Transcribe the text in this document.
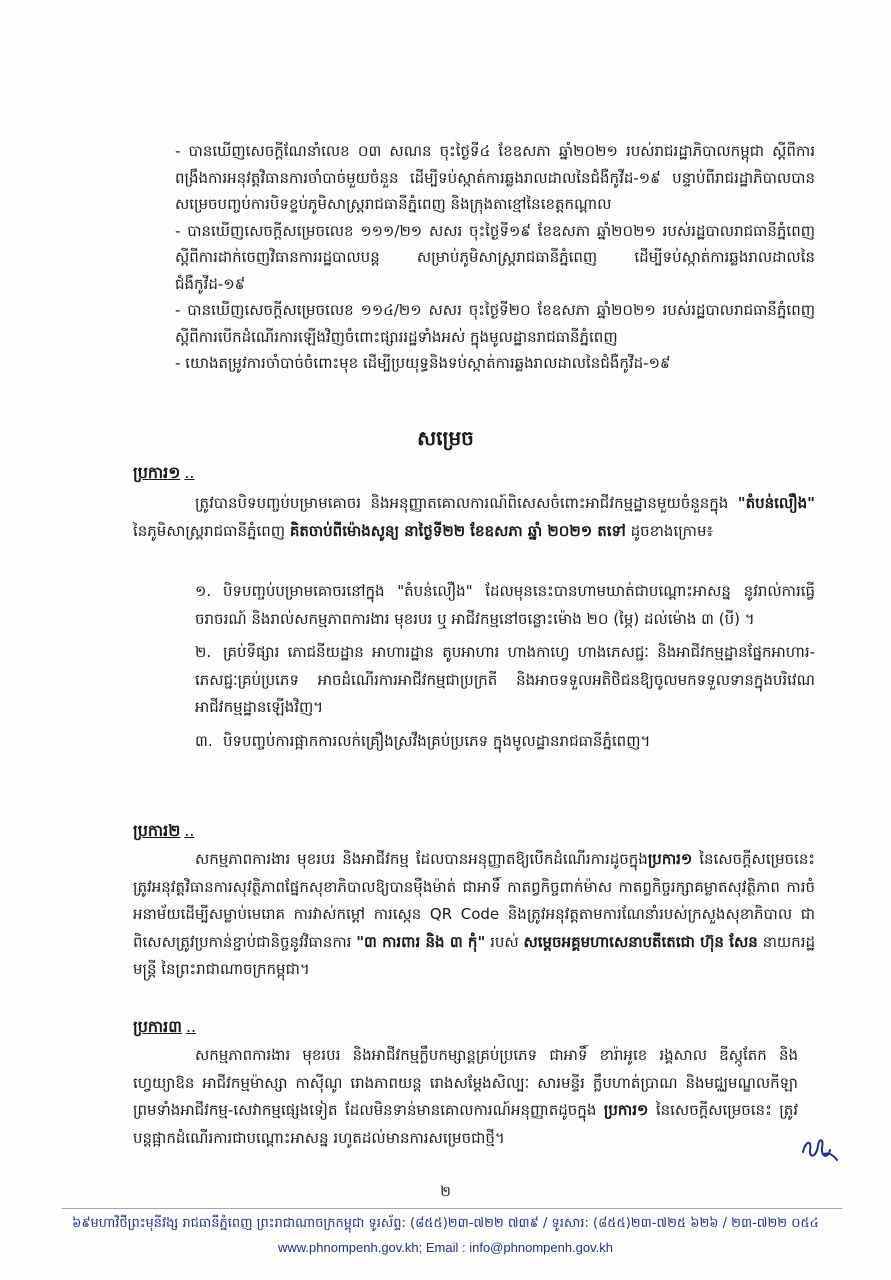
- បានឃើញសេចក្ដីណែនាំលេខ ០៣ សណន ចុះថ្ងៃទី៤ ខែឧសភា ឆ្នាំ២០២១ របស់រាជរដ្ឋាភិបាលកម្ពុជា ស្ដីពីការពង្រឹងការអនុវត្តវិធានការចាំបាច់មួយចំនួន ដើម្បីទប់ស្កាត់ការឆ្លងរាលដាលនៃជំងឺកូវីដ-១៩ បន្ទាប់ពីរាជរដ្ឋាភិបាលបានសម្រេចបញ្ចប់ការបិទខ្ទប់ភូមិសាស្ត្ររាជធានីភ្នំពេញ និងក្រុងតាខ្មៅនៃខេត្តកណ្ដាល

- បានឃើញសេចក្ដីសម្រេចលេខ ១១១/២១ សសរ ចុះថ្ងៃទី១៩ ខែឧសភា ឆ្នាំ២០២១ របស់រដ្ឋបាលរាជធានីភ្នំពេញ ស្ដីពីការដាក់ចេញវិធានការរដ្ឋបាលបន្ត សម្រាប់ភូមិសាស្ត្ររាជធានីភ្នំពេញ ដើម្បីទប់ស្កាត់ការឆ្លងរាលដាលនៃជំងឺកូវីដ-១៩

- បានឃើញសេចក្ដីសម្រេចលេខ ១១៤/២១ សសរ ចុះថ្ងៃទី២០ ខែឧសភា ឆ្នាំ២០២១ របស់រដ្ឋបាលរាជធានីភ្នំពេញ ស្ដីពីការបើកដំណើរការឡើងវិញចំពោះផ្សាររដ្ឋទាំងអស់ ក្នុងមូលដ្ឋានរាជធានីភ្នំពេញ

- យោងតម្រូវការចាំបាច់ចំពោះមុខ ដើម្បីប្រយុទ្ធនិងទប់ស្កាត់ការឆ្លងរាលដាលនៃជំងឺកូវីដ-១៩

សម្រេច
ប្រការ១ ..
ត្រូវបានបិទបញ្ចប់បម្រាមគោចរ និងអនុញ្ញាតគោលការណ៍ពិសេសចំពោះអាជីវកម្មដ្ឋានមួយចំនួនក្នុង "តំបន់លឿង" នៃភូមិសាស្ត្ររាជធានីភ្នំពេញ គិតចាប់ពីម៉ោងសូន្យ នាថ្ងៃទី២២ ខែឧសភា ឆ្នាំ ២០២១ តទៅ ដូចខាងក្រោម៖
១. បិទបញ្ចប់បម្រាមគោចរនៅក្នុង "តំបន់លឿង" ដែលមុននេះបានហាមឃាត់ជាបណ្ដោះអាសន្ន នូវរាល់ការធ្វើចរាចរណ៍ និងរាល់សកម្មភាពការងារ មុខរបរ ឬ អាជីវកម្មនៅចន្លោះម៉ោង ២០ (ម្ភៃ) ដល់ម៉ោង ៣ (បី) ។
២. គ្រប់ទីផ្សារ ភោជនីយដ្ឋាន អាហារដ្ឋាន តូបអាហារ ហាងកាហ្វេ ហាងភេសជ្ជៈ និងអាជីវកម្មដ្ឋានផ្នែកអាហារ-ភេសជ្ជៈគ្រប់ប្រភេទ អាចដំណើរការអាជីវកម្មជាប្រក្រតី និងអាចទទួលអតិថិជនឱ្យចូលមកទទួលទានក្នុងបរិវេណអាជីវកម្មដ្ឋានឡើងវិញ។
៣. បិទបញ្ចប់ការផ្អាកការលក់គ្រឿងស្រវឹងគ្រប់ប្រភេទ ក្នុងមូលដ្ឋានរាជធានីភ្នំពេញ។
ប្រការ២ ..
សកម្មភាពការងារ មុខរបរ និងអាជីវកម្ម ដែលបានអនុញ្ញាតឱ្យបើកដំណើរការដូចក្នុងប្រការ១ នៃសេចក្ដីសម្រេចនេះ ត្រូវអនុវត្តវិធានការសុវត្ថិភាពផ្នែកសុខាភិបាលឱ្យបានម៉ឺងម៉ាត់ ជាអាទិ៍ កាតព្វកិច្ចពាក់ម៉ាស កាតព្វកិច្ចរក្សាគម្លាតសុវត្ថិភាព ការចំអនាម័យដើម្បីសម្លាប់មេរោគ ការវាស់កម្ដៅ ការស្កេន QR Code និងត្រូវអនុវត្តតាមការណែនាំរបស់ក្រសួងសុខាភិបាល ជាពិសេសត្រូវប្រកាន់ខ្ជាប់ជានិច្ចនូវវិធានការ "៣ ការពារ និង ៣ កុំ" របស់ សម្ដេចអគ្គមហាសេនាបតីតេជោ ហ៊ុន សែន នាយករដ្ឋមន្ត្រី នៃព្រះរាជាណាចក្រកម្ពុជា។
ប្រការ៣ ..
សកម្មភាពការងារ មុខរបរ និងអាជីវកម្មក្លឹបកម្សាន្តគ្រប់ប្រភេទ ជាអាទិ៍ ខារ៉ាអូខេ រង្គសាល ឌីស្កូតែក និងហ្វេយ្យាឱន អាជីវកម្មម៉ាស្សា កាស៊ីណូ រោងភាពយន្ត រោងសម្ដែងសិល្បៈ សារមន្ទីរ ក្លឹបហាត់ប្រាណ និងមជ្ឈមណ្ឌលកីឡា ព្រមទាំងអាជីវកម្ម-សេវាកម្មផ្សេងទៀត ដែលមិនទាន់មានគោលការណ៍អនុញ្ញាតដូចក្នុង ប្រការ១ នៃសេចក្ដីសម្រេចនេះ ត្រូវបន្តផ្អាកដំណើរការជាបណ្ដោះអាសន្ន រហូតដល់មានការសម្រេចជាថ្មី។
២
៦៩មហាវិថីព្រះមុនីវង្ស រាជធានីភ្នំពេញ ព្រះរាជាណាចក្រកម្ពុជា ទូរស័ព្ទ: (៨៥៥)២៣-៧២២ ៧៣៩ / ទូរសារ: (៨៥៥)២៣-៧២៥ ៦២៦ / ២៣-៧២២ ០៥៤
www.phnompenh.gov.kh; Email : info@phnompenh.gov.kh
